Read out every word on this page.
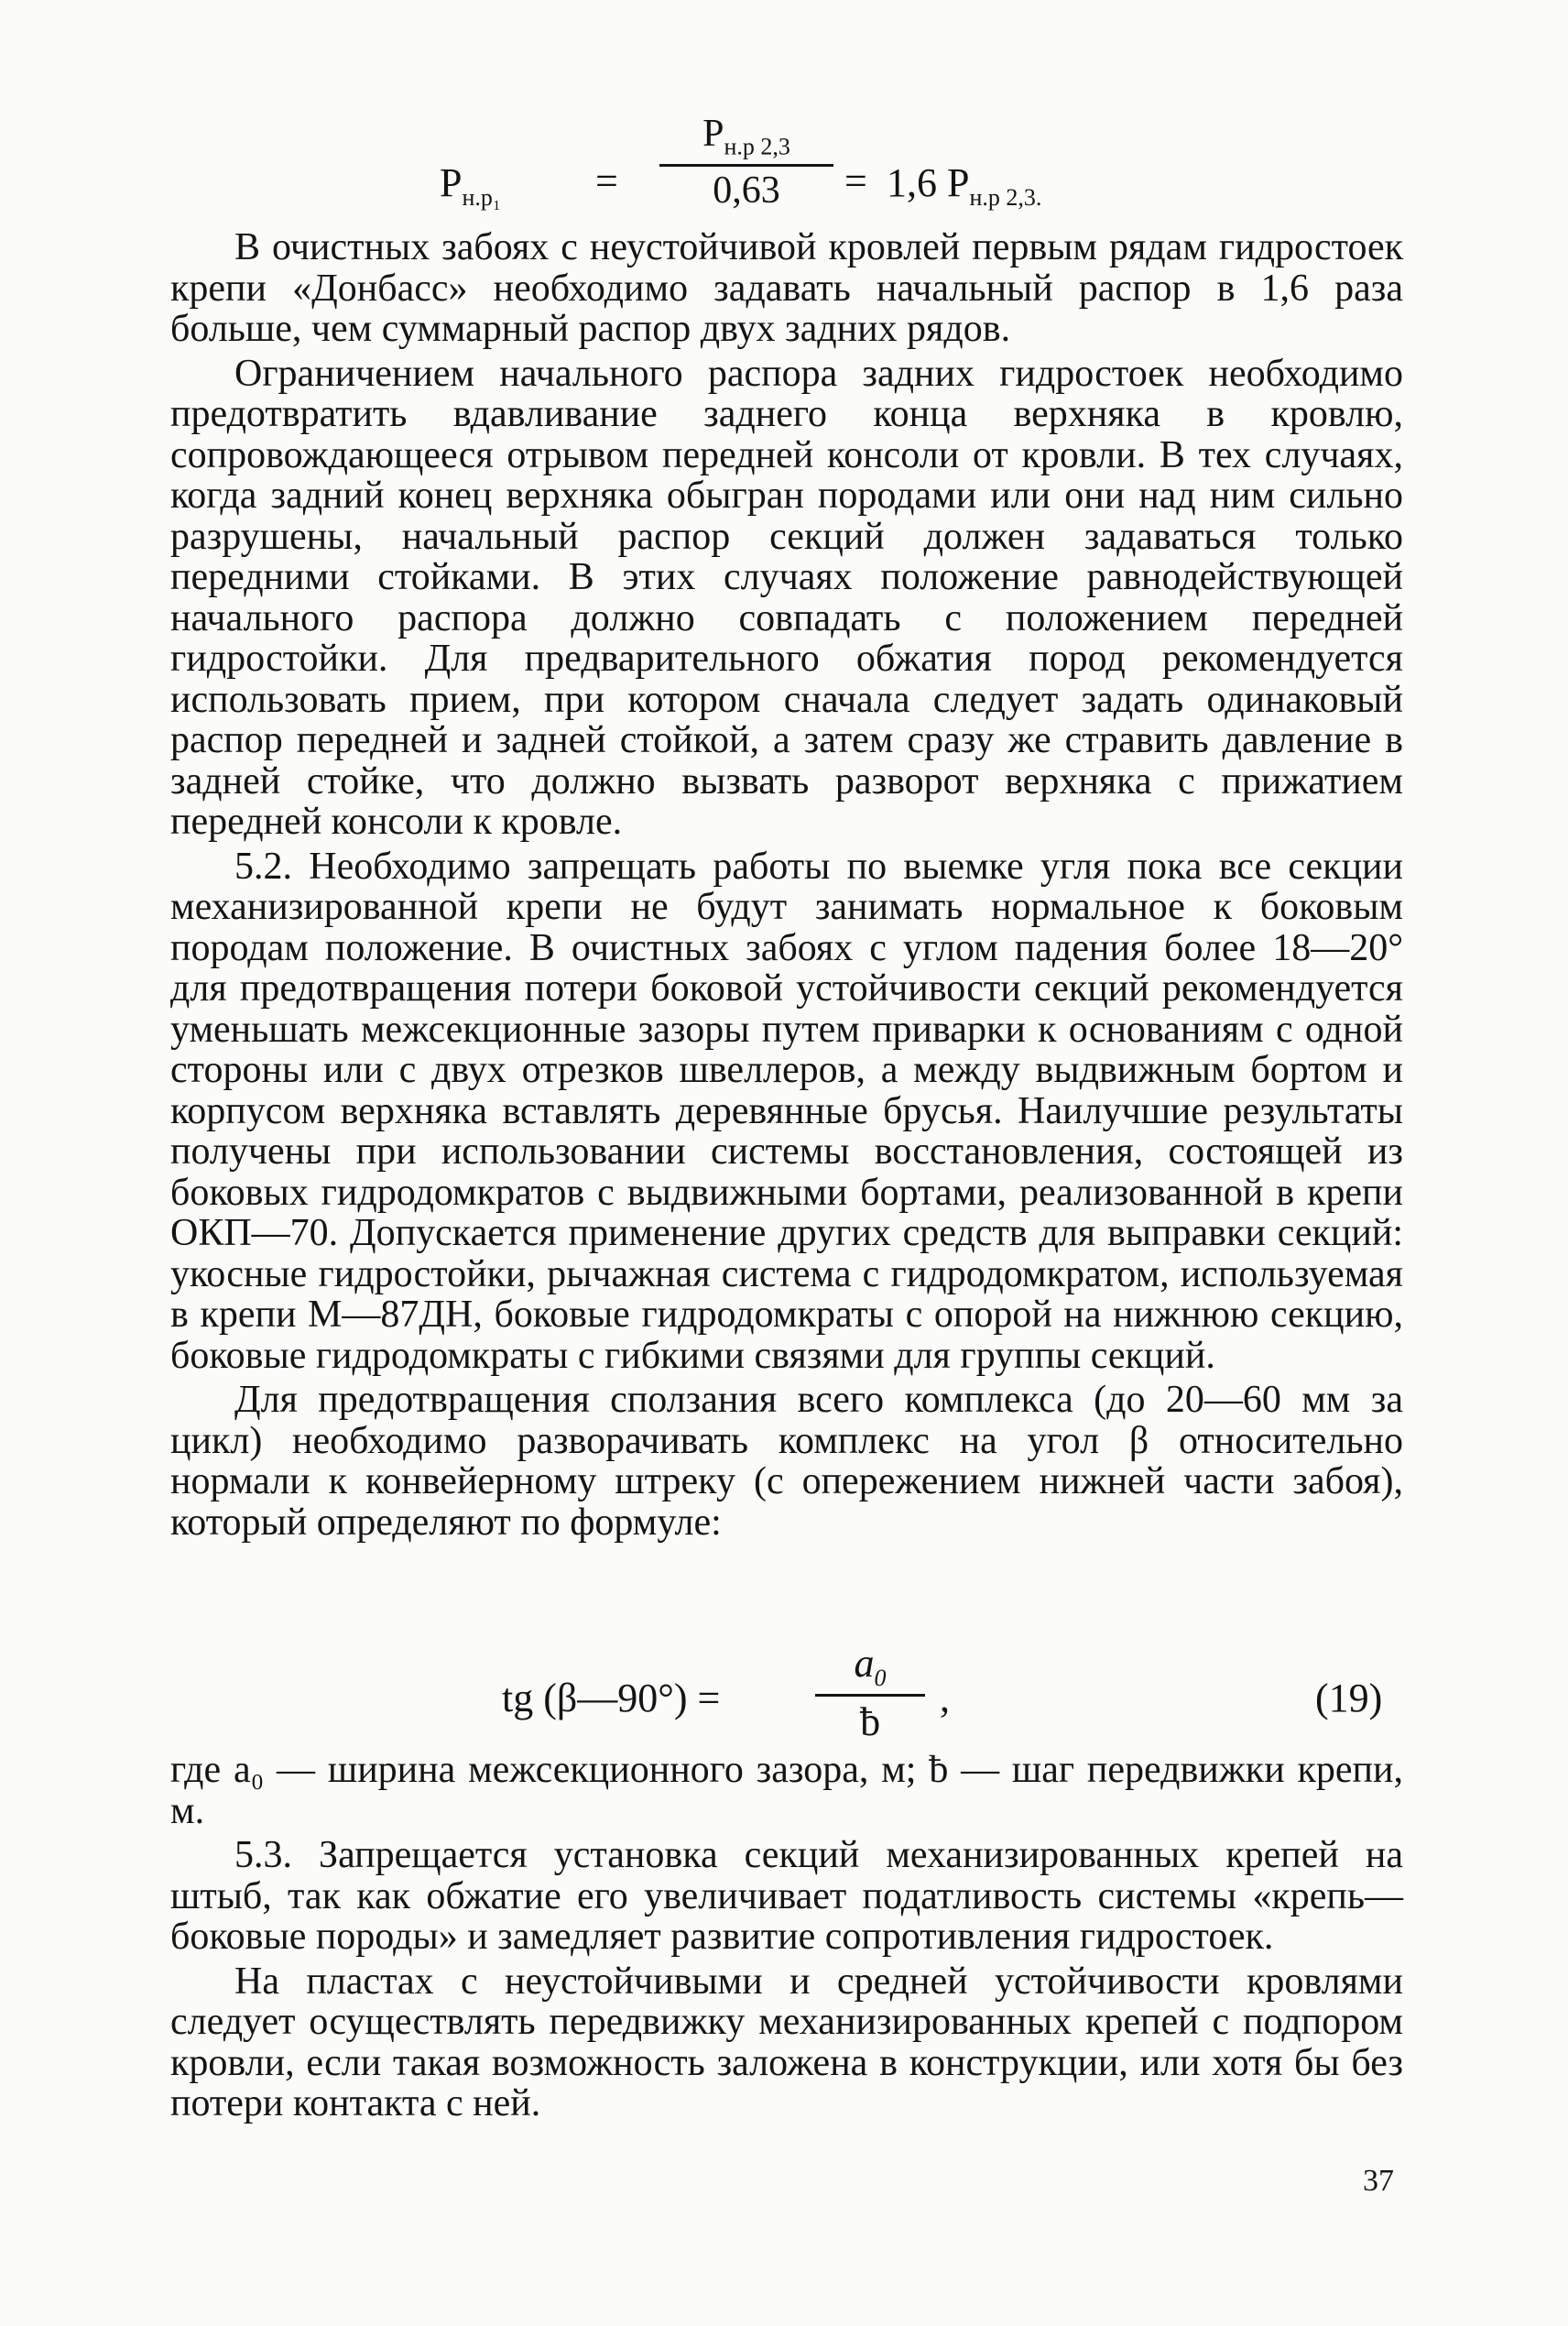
$P_{н.р_1}$ =
$P_{н.р 2,3}$
0,63	= 1,6 $P_{н.р 2,3.}$

В очистных забоях с неустойчивой кровлей первым рядам гидростоек крепи «Донбасс» необходимо задавать начальный распор в 1,6 раза больше, чем суммарный распор двух задних рядов.

Ограничением начального распора задних гидростоек необходимо предотвратить вдавливание заднего конца верхняка в кровлю, сопровождающееся отрывом передней консоли от кровли. В тех случаях, когда задний конец верхняка обыгран породами или они над ним сильно разрушены, начальный распор секций должен задаваться только передними стойками. В этих случаях положение равнодействующей начального распора должно совпадать с положением передней гидростойки. Для предварительного обжатия пород рекомендуется использовать прием, при котором сначала следует задать одинаковый распор передней и задней стойкой, а затем сразу же стравить давление в задней стойке, что должно вызвать разворот верхняка с прижатием передней консоли к кровле.

5.2. Необходимо запрещать работы по выемке угля пока все секции механизированной крепи не будут занимать нормальное к боковым породам положение. В очистных забоях с углом падения более 18—20° для предотвращения потери боковой устойчивости секций рекомендуется уменьшать межсекционные зазоры путем приварки к основаниям с одной стороны или с двух отрезков швеллеров, а между выдвижным бортом и корпусом верхняка вставлять деревянные брусья. Наилучшие результаты получены при использовании системы восстановления, состоящей из боковых гидродомкратов с выдвижными бортами, реализованной в крепи ОКП—70. Допускается применение других средств для выправки секций: укосные гидростойки, рычажная система с гидродомкратом, используемая в крепи М—87ДН, боковые гидродомкраты с опорой на нижнюю секцию, боковые гидродомкраты с гибкими связями для группы секций.

Для предотвращения сползания всего комплекса (до 20—60 мм за цикл) необходимо разворачивать комплекс на угол β относительно нормали к конвейерному штреку (с опережением нижней части забоя), который определяют по формуле:

tg (β—90°) =
$a_0$
ƀ
,	(19)

где a₀ — ширина межсекционного зазора, м; ƀ — шаг передвижки крепи, м.

5.3. Запрещается установка секций механизированных крепей на штыб, так как обжатие его увеличивает податливость системы «крепь—боковые породы» и замедляет развитие сопротивления гидростоек.

На пластах с неустойчивыми и средней устойчивости кровлями следует осуществлять передвижку механизированных крепей с подпором кровли, если такая возможность заложена в конструкции, или хотя бы без потери контакта с ней.

37
